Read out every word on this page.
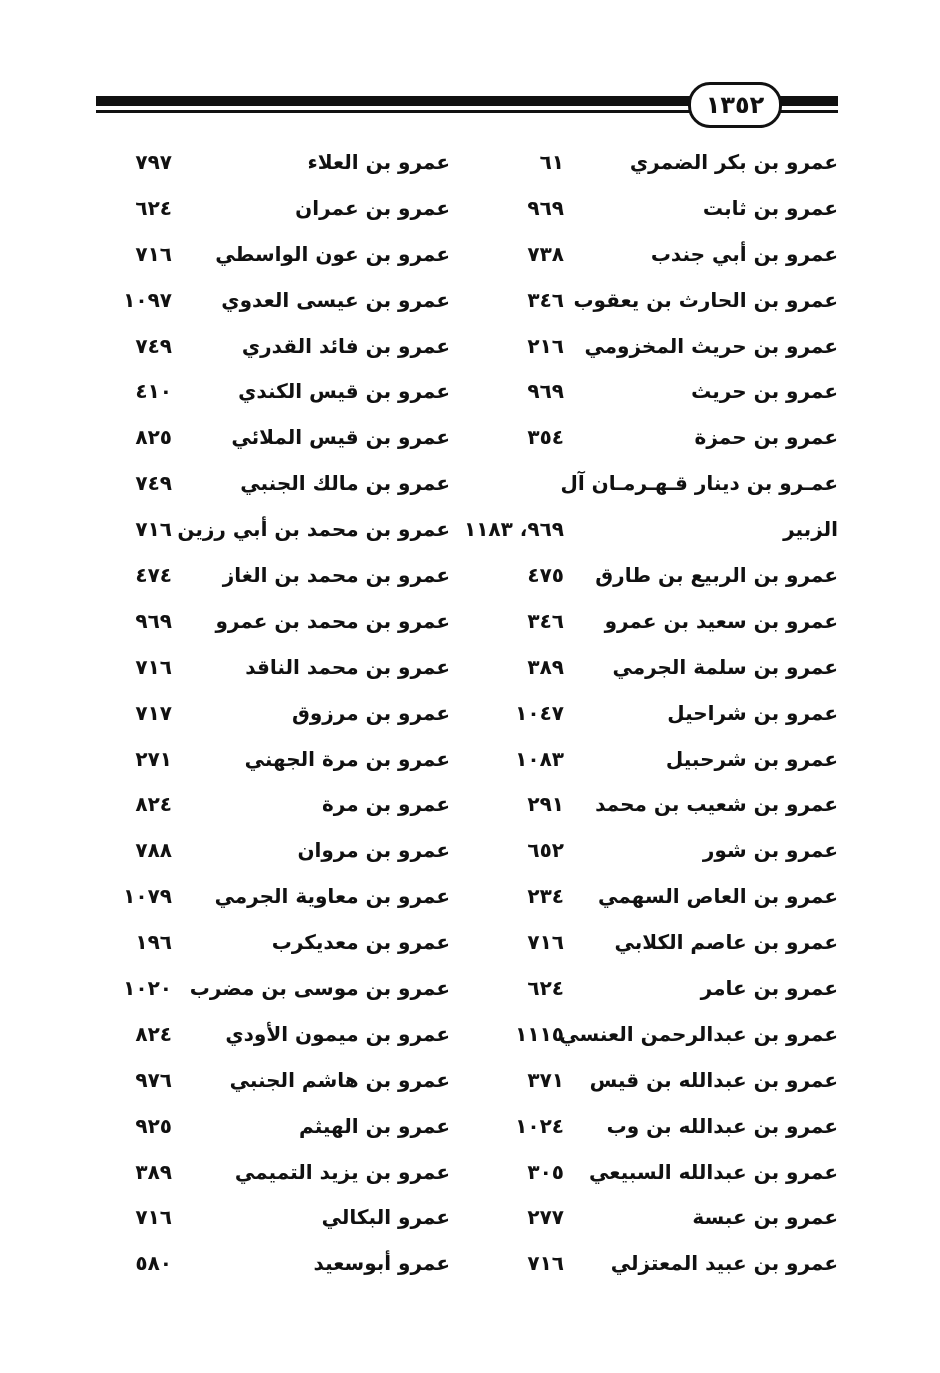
١٣٥٢
عمرو بن بكر الضمري
٦١
عمرو بن العلاء
٧٩٧
عمرو بن ثابت
٩٦٩
عمرو بن عمران
٦٢٤
عمرو بن أبي جندب
٧٣٨
عمرو بن عون الواسطي
٧١٦
عمرو بن الحارث بن يعقوب
٣٤٦
عمرو بن عيسى العدوي
١٠٩٧
عمرو بن حريث المخزومي
٢١٦
عمرو بن فائد القدري
٧٤٩
عمرو بن حريث
٩٦٩
عمرو بن قيس الكندي
٤١٠
عمرو بن حمزة
٣٥٤
عمرو بن قيس الملائي
٨٢٥
عمـرو بن دينار قـهـرمـان آل
عمرو بن مالك الجنبي
٧٤٩
الزبير
٩٦٩، ١١٨٣
عمرو بن محمد بن أبي رزين
٧١٦
عمرو بن الربيع بن طارق
٤٧٥
عمرو بن محمد بن الغاز
٤٧٤
عمرو بن سعيد بن عمرو
٣٤٦
عمرو بن محمد بن عمرو
٩٦٩
عمرو بن سلمة الجرمي
٣٨٩
عمرو بن محمد الناقد
٧١٦
عمرو بن شراحيل
١٠٤٧
عمرو بن مرزوق
٧١٧
عمرو بن شرحبيل
١٠٨٣
عمرو بن مرة الجهني
٢٧١
عمرو بن شعيب بن محمد
٢٩١
عمرو بن مرة
٨٢٤
عمرو بن شور
٦٥٢
عمرو بن مروان
٧٨٨
عمرو بن العاص السهمي
٢٣٤
عمرو بن معاوية الجرمي
١٠٧٩
عمرو بن عاصم الكلابي
٧١٦
عمرو بن معديكرب
١٩٦
عمرو بن عامر
٦٢٤
عمرو بن موسى بن مضرب
١٠٢٠
عمرو بن عبدالرحمن العنسي
١١١٥
عمرو بن ميمون الأودي
٨٢٤
عمرو بن عبدالله بن قيس
٣٧١
عمرو بن هاشم الجنبي
٩٧٦
عمرو بن عبدالله بن وب
١٠٢٤
عمرو بن الهيثم
٩٢٥
عمرو بن عبدالله السبيعي
٣٠٥
عمرو بن يزيد التميمي
٣٨٩
عمرو بن عبسة
٢٧٧
عمرو البكالي
٧١٦
عمرو بن عبيد المعتزلي
٧١٦
عمرو أبوسعيد
٥٨٠
